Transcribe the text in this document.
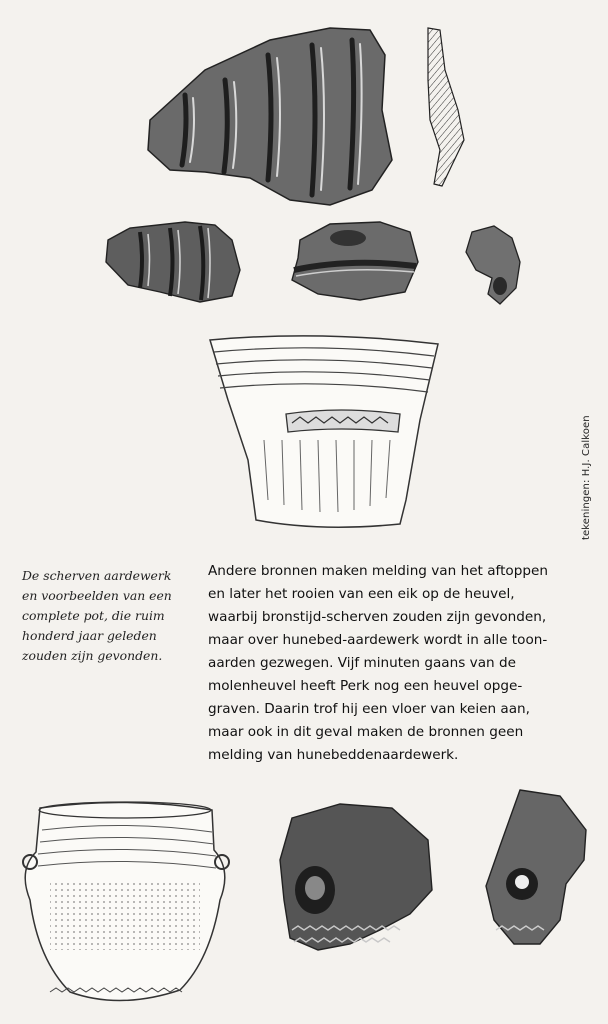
tekeningen: H.J. Calkoen
De scherven aardewerk
en voorbeelden van een
complete pot, die ruim
honderd jaar geleden
zouden zijn gevonden.
Andere bronnen maken melding van het aftoppen
en later het rooien van een eik op de heuvel,
waarbij bronstijd-scherven zouden zijn gevonden,
maar over hunebed-aardewerk wordt in alle toon-
aarden gezwegen. Vijf minuten gaans van de
molenheuvel heeft Perk nog een heuvel opge-
graven. Daarin trof hij een vloer van keien aan,
maar ook in dit geval maken de bronnen geen
melding van hunebeddenaardewerk.
